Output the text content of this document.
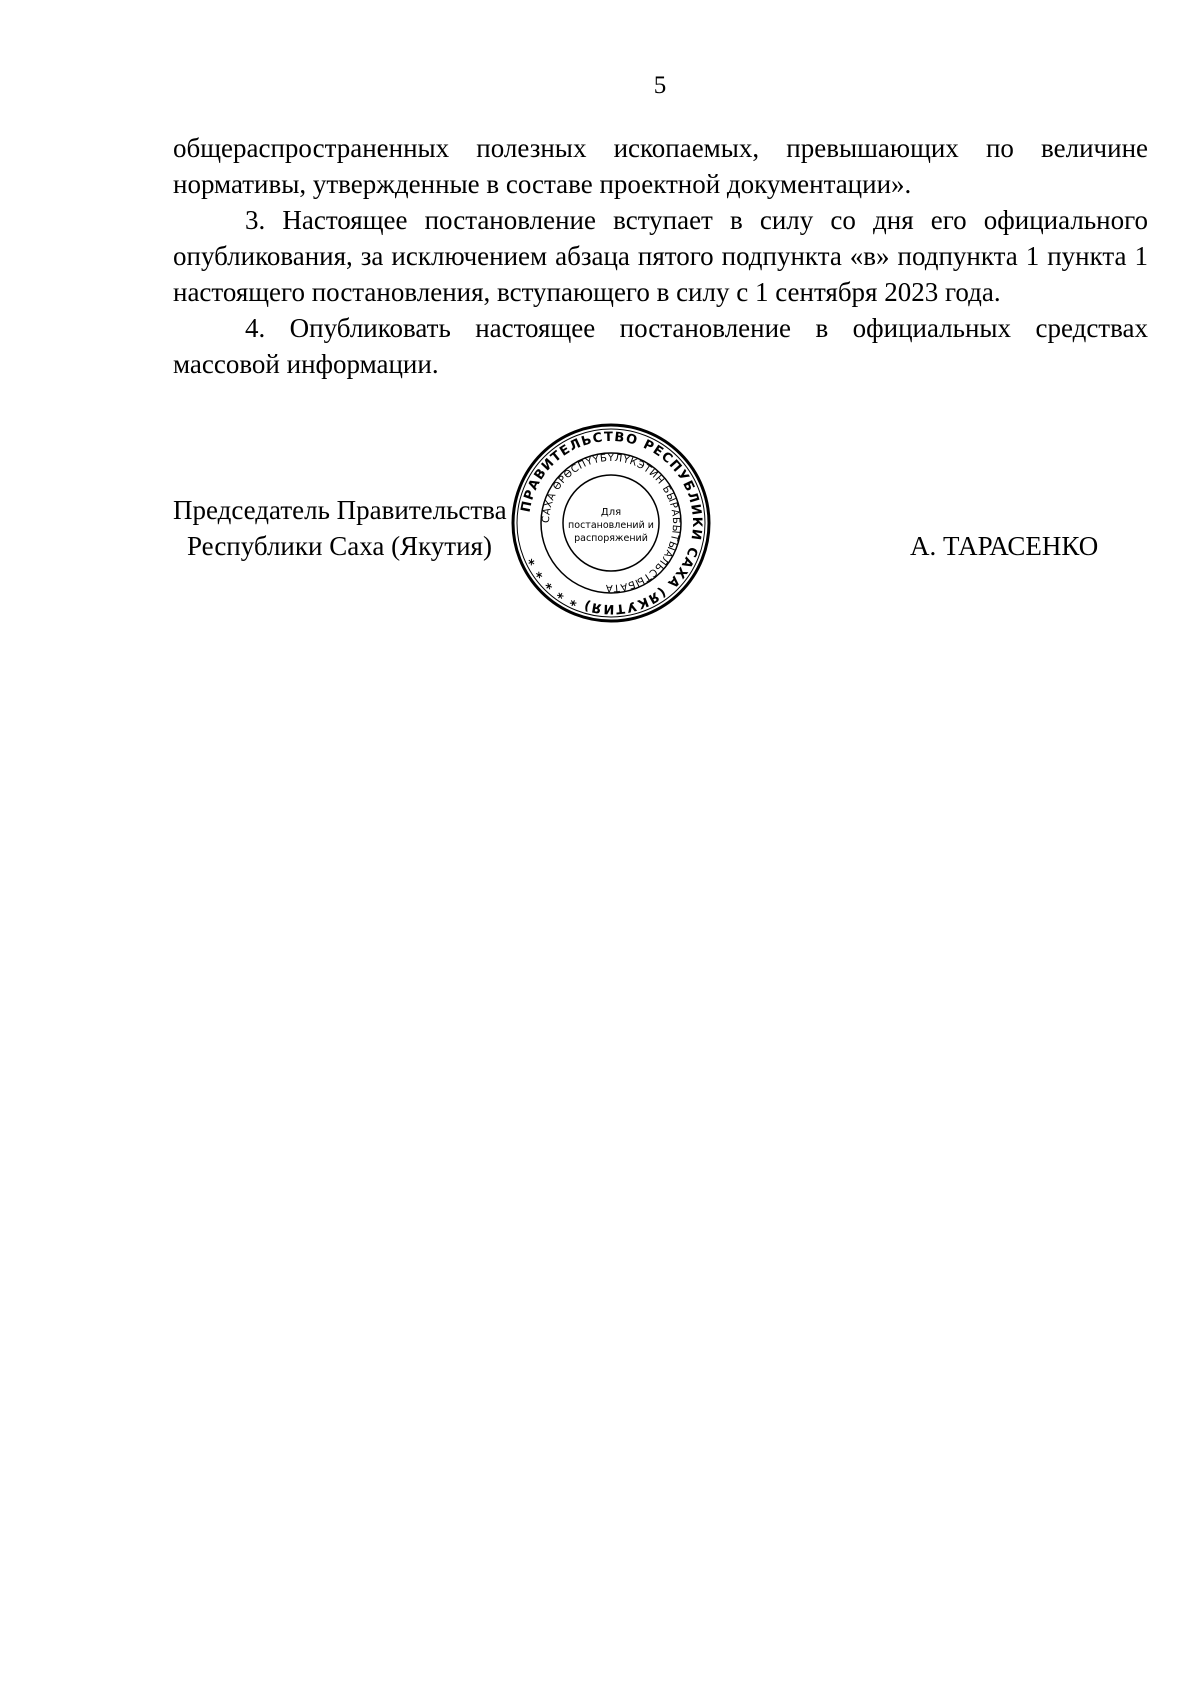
5

общераспространенных полезных ископаемых, превышающих по величине нормативы, утвержденные в составе проектной документации».

3. Настоящее постановление вступает в силу со дня его официального опубликования, за исключением абзаца пятого подпункта «в» подпункта 1 пункта 1 настоящего постановления, вступающего в силу с 1 сентября 2023 года.

4. Опубликовать настоящее постановление в официальных средствах массовой информации.

Председатель Правительства
Республики Саха (Якутия)	А. ТАРАСЕНКО
ПРАВИТЕЛЬСТВО РЕСПУБЛИКИ САХА (ЯКУТИЯ) * * * * *
САХА ӨРӨСПҮҮБҮЛҮКЭТИН БЫРАБЫТЫАЛЬСТЫБАТА
Для
постановлений и
распоряжений
